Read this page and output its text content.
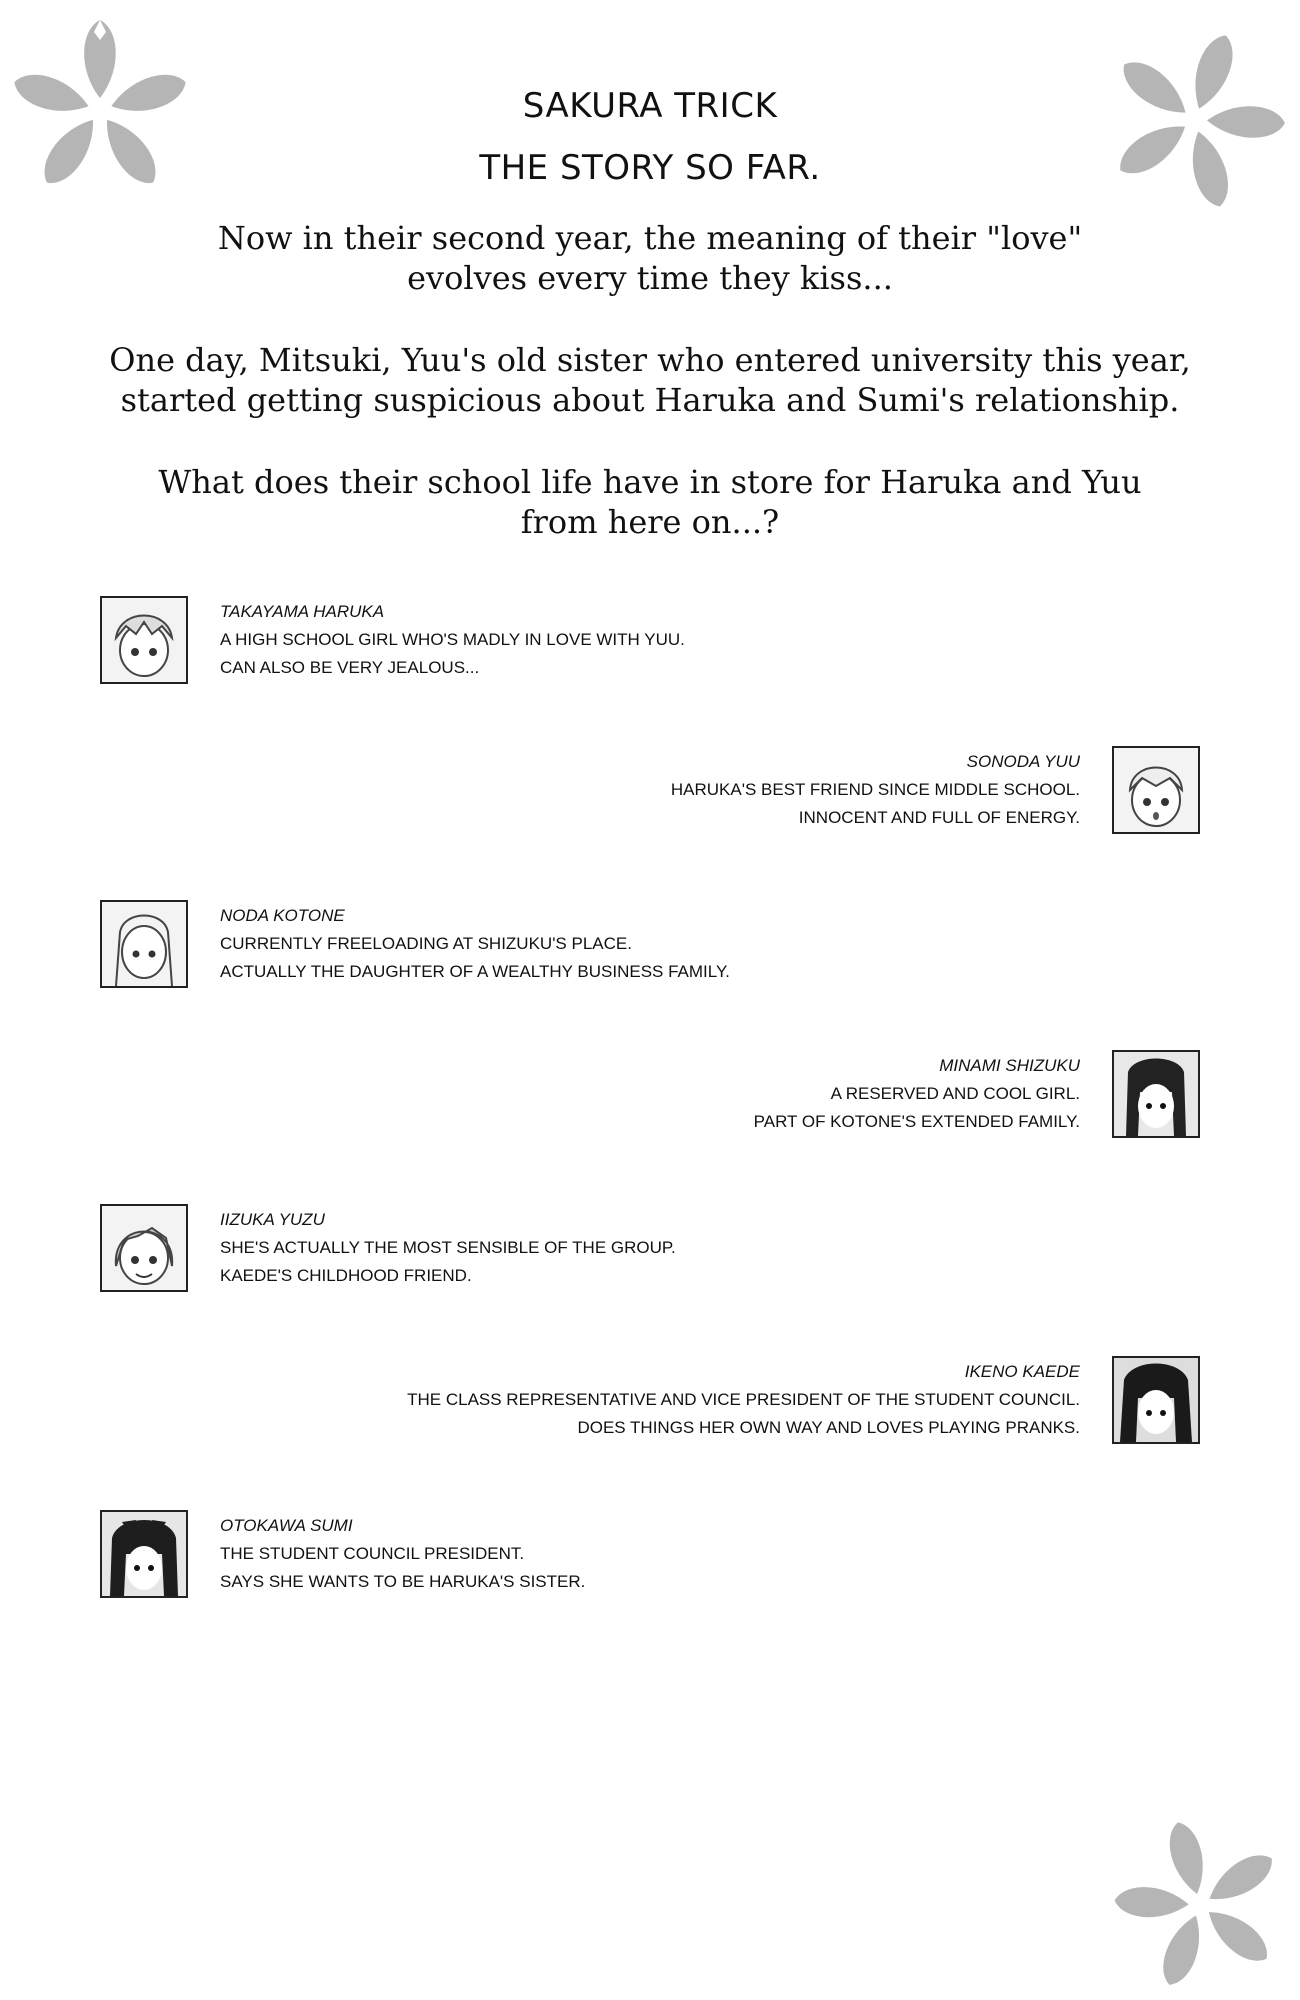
SAKURA TRICK
THE STORY SO FAR.
Now in their second year, the meaning of their "love"
evolves every time they kiss...
One day, Mitsuki, Yuu's old sister who entered university this year,
started getting suspicious about Haruka and Sumi's relationship.
What does their school life have in store for Haruka and Yuu
from here on...?
TAKAYAMA HARUKA
A HIGH SCHOOL GIRL WHO'S MADLY IN LOVE WITH YUU.
CAN ALSO BE VERY JEALOUS...
SONODA YUU
HARUKA'S BEST FRIEND SINCE MIDDLE SCHOOL.
INNOCENT AND FULL OF ENERGY.
NODA KOTONE
CURRENTLY FREELOADING AT SHIZUKU'S PLACE.
ACTUALLY THE DAUGHTER OF A WEALTHY BUSINESS FAMILY.
MINAMI SHIZUKU
A RESERVED AND COOL GIRL.
PART OF KOTONE'S EXTENDED FAMILY.
IIZUKA YUZU
SHE'S ACTUALLY THE MOST SENSIBLE OF THE GROUP.
KAEDE'S CHILDHOOD FRIEND.
IKENO KAEDE
THE CLASS REPRESENTATIVE AND VICE PRESIDENT OF THE STUDENT COUNCIL.
DOES THINGS HER OWN WAY AND LOVES PLAYING PRANKS.
OTOKAWA SUMI
THE STUDENT COUNCIL PRESIDENT.
SAYS SHE WANTS TO BE HARUKA'S SISTER.
